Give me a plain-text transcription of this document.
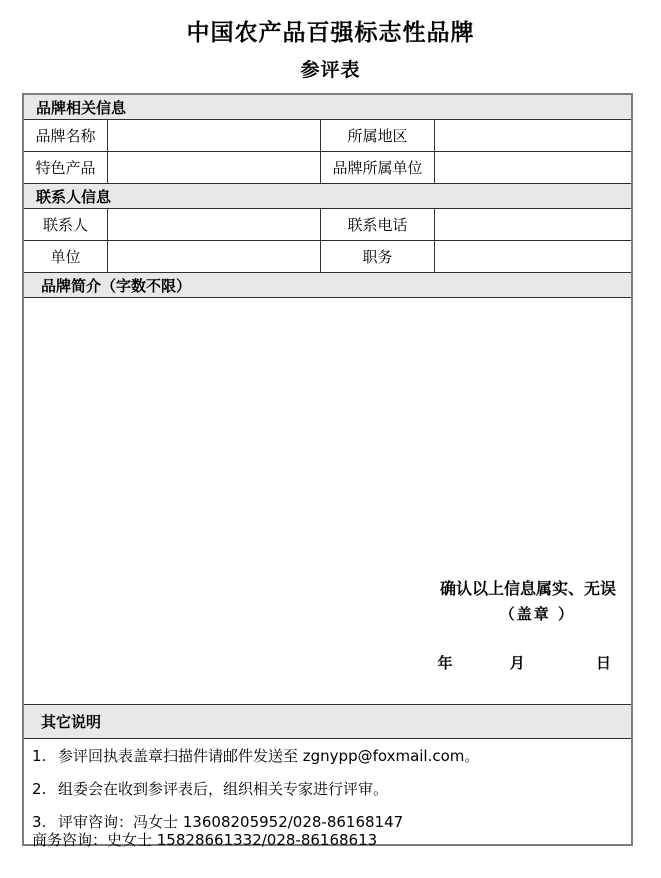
中国农产品百强标志性品牌
参评表
品牌相关信息
品牌名称	所属地区
特色产品	品牌所属单位
联系人信息
联系人	联系电话
单位	职务
品牌简介（字数不限）
确认以上信息属实、无误
（盖章 ）
年	月	日
其它说明
1. 参评回执表盖章扫描件请邮件发送至 zgnypp@foxmail.com。
2. 组委会在收到参评表后，组织相关专家进行评审。
3. 评审咨询：冯女士 13608205952/028-86168147
商务咨询：史女士 15828661332/028-86168613
